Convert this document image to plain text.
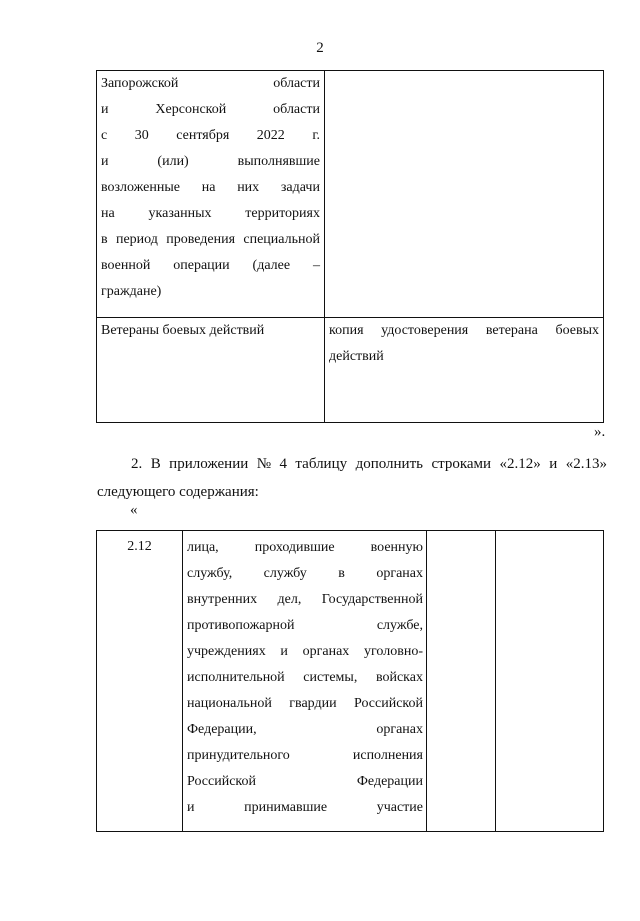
2
Запорожской	области
и	Херсонской	области
с 30 сентября 2022 г.
и	(или)	выполнявшие
возложенные на них задачи
на указанных территориях
в период проведения специальной
военной операции (далее –
граждане)
Ветераны боевых действий	копия удостоверения ветерана боевых
действий
».
2. В приложении № 4 таблицу дополнить строками «2.12» и «2.13»
следующего содержания:
«
2.12	лица,	проходившие	военную
службу, службу в органах
внутренних дел, Государственной
противопожарной	службе,
учреждениях и органах уголовно-
исполнительной системы, войсках
национальной гвардии Российской
Федерации,	органах
принудительного	исполнения
Российской	Федерации
и	принимавшие	участие
